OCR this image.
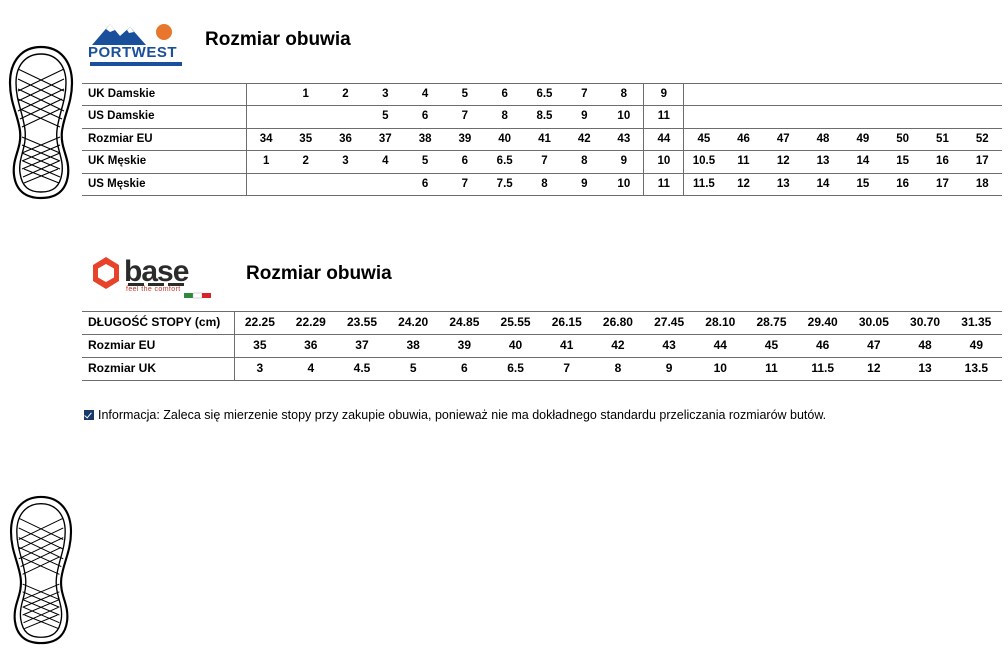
PORTWEST
Rozmiar obuwia
UK Damskie		1	2	3	4	5	6	6.5	7	8	9								
US Damskie				5	6	7	8	8.5	9	10	11								
Rozmiar EU	34	35	36	37	38	39	40	41	42	43	44	45	46	47	48	49	50	51	52
UK Męskie	1	2	3	4	5	6	6.5	7	8	9	10	10.5	11	12	13	14	15	16	17
US Męskie					6	7	7.5	8	9	10	11	11.5	12	13	14	15	16	17	18
base
feel the comfort
Rozmiar obuwia
DŁUGOŚĆ STOPY (cm)	22.25	22.29	23.55	24.20	24.85	25.55	26.15	26.80	27.45	28.10	28.75	29.40	30.05	30.70	31.35
Rozmiar EU	35	36	37	38	39	40	41	42	43	44	45	46	47	48	49
Rozmiar UK	3	4	4.5	5	6	6.5	7	8	9	10	11	11.5	12	13	13.5
Informacja: Zaleca się mierzenie stopy przy zakupie obuwia, ponieważ nie ma dokładnego standardu przeliczania rozmiarów butów.
